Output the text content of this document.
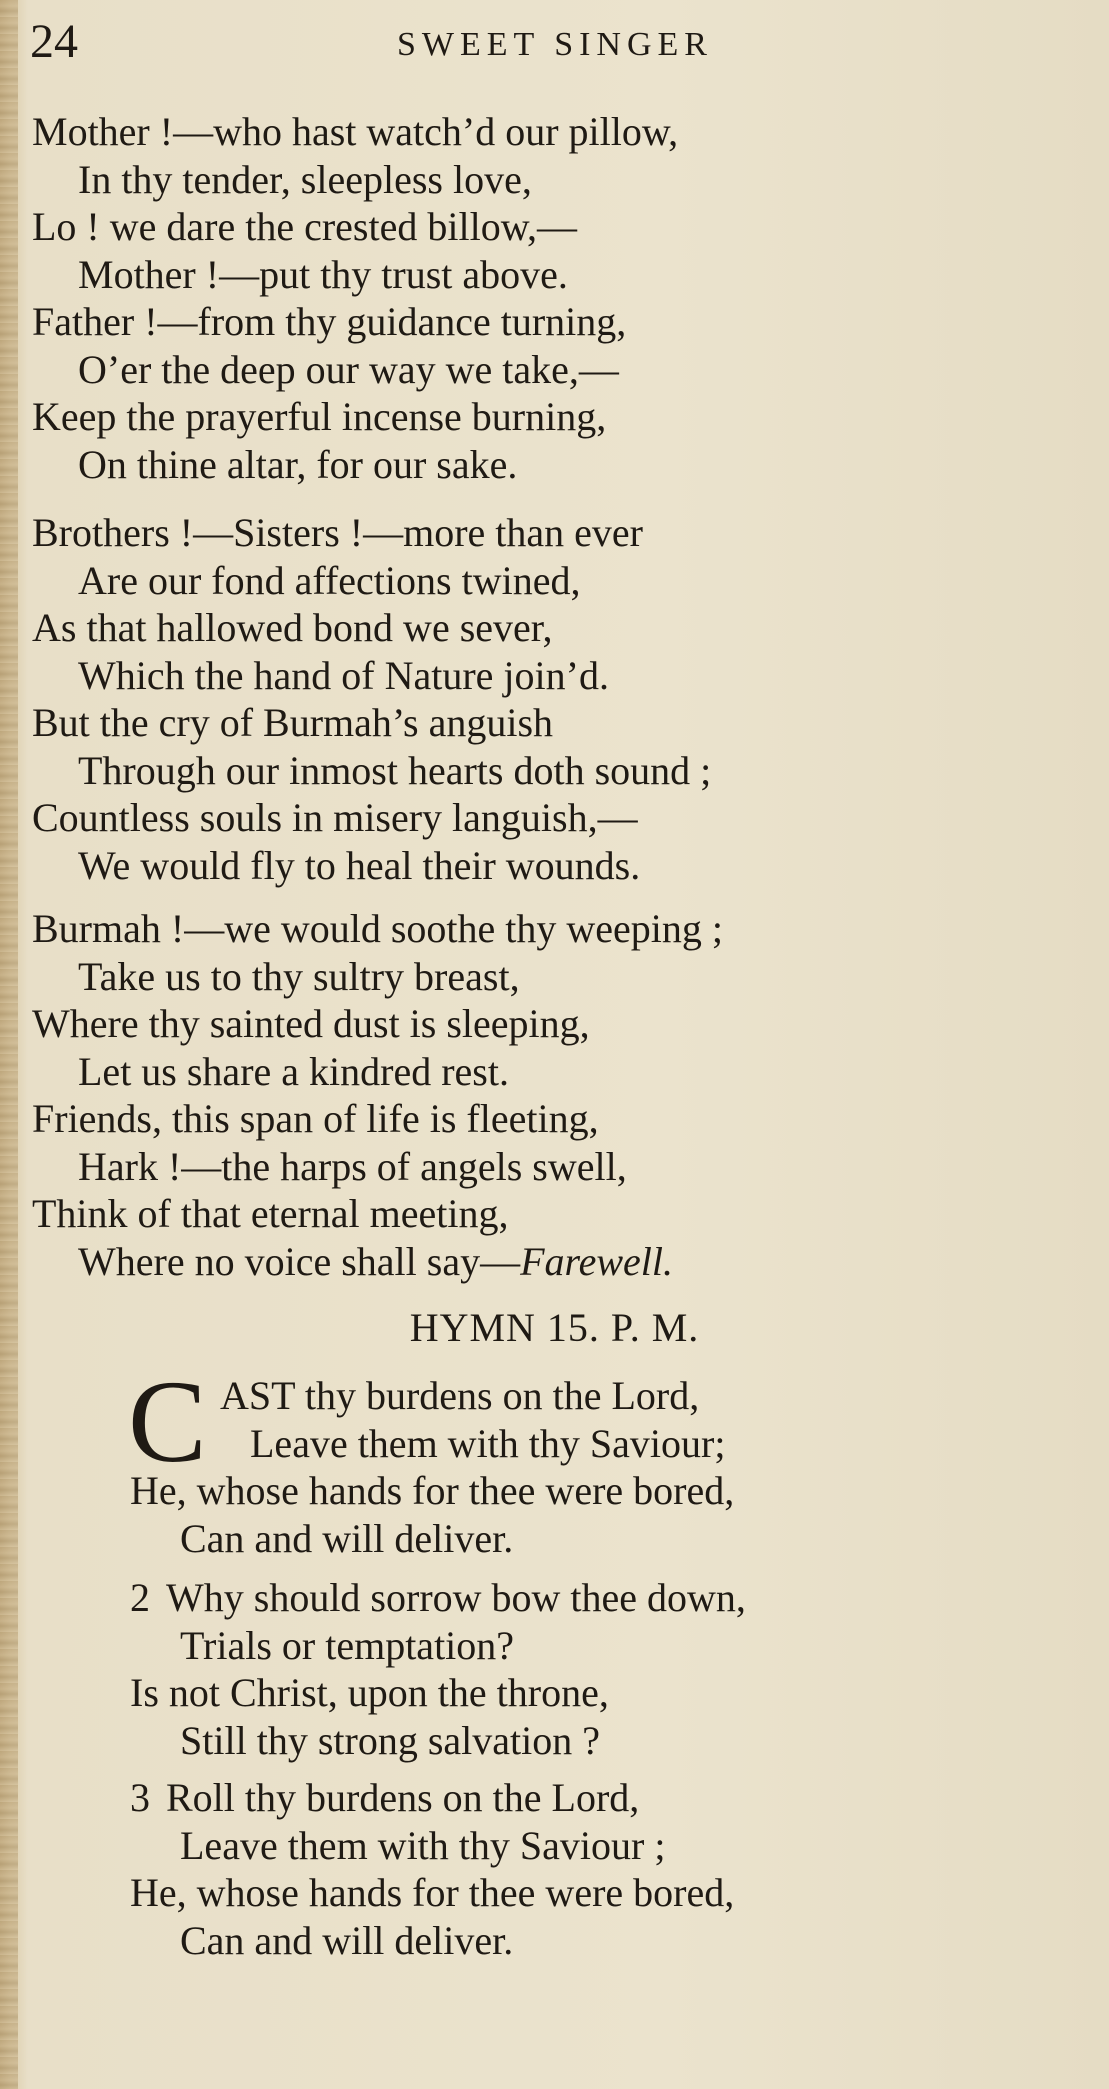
24	SWEET SINGER
Mother !—who hast watch’d our pillow,
In thy tender, sleepless love,
Lo ! we dare the crested billow,—
Mother !—put thy trust above.
Father !—from thy guidance turning,
O’er the deep our way we take,—
Keep the prayerful incense burning,
On thine altar, for our sake.
Brothers !—Sisters !—more than ever
Are our fond affections twined,
As that hallowed bond we sever,
Which the hand of Nature join’d.
But the cry of Burmah’s anguish
Through our inmost hearts doth sound ;
Countless souls in misery languish,—
We would fly to heal their wounds.
Burmah !—we would soothe thy weeping ;
Take us to thy sultry breast,
Where thy sainted dust is sleeping,
Let us share a kindred rest.
Friends, this span of life is fleeting,
Hark !—the harps of angels swell,
Think of that eternal meeting,
Where no voice shall say—Farewell.
HYMN 15. P. M.
C AST thy burdens on the Lord,
Leave them with thy Saviour;
He, whose hands for thee were bored,
Can and will deliver.
2 Why should sorrow bow thee down,
Trials or temptation?
Is not Christ, upon the throne,
Still thy strong salvation ?
3 Roll thy burdens on the Lord,
Leave them with thy Saviour ;
He, whose hands for thee were bored,
Can and will deliver.
